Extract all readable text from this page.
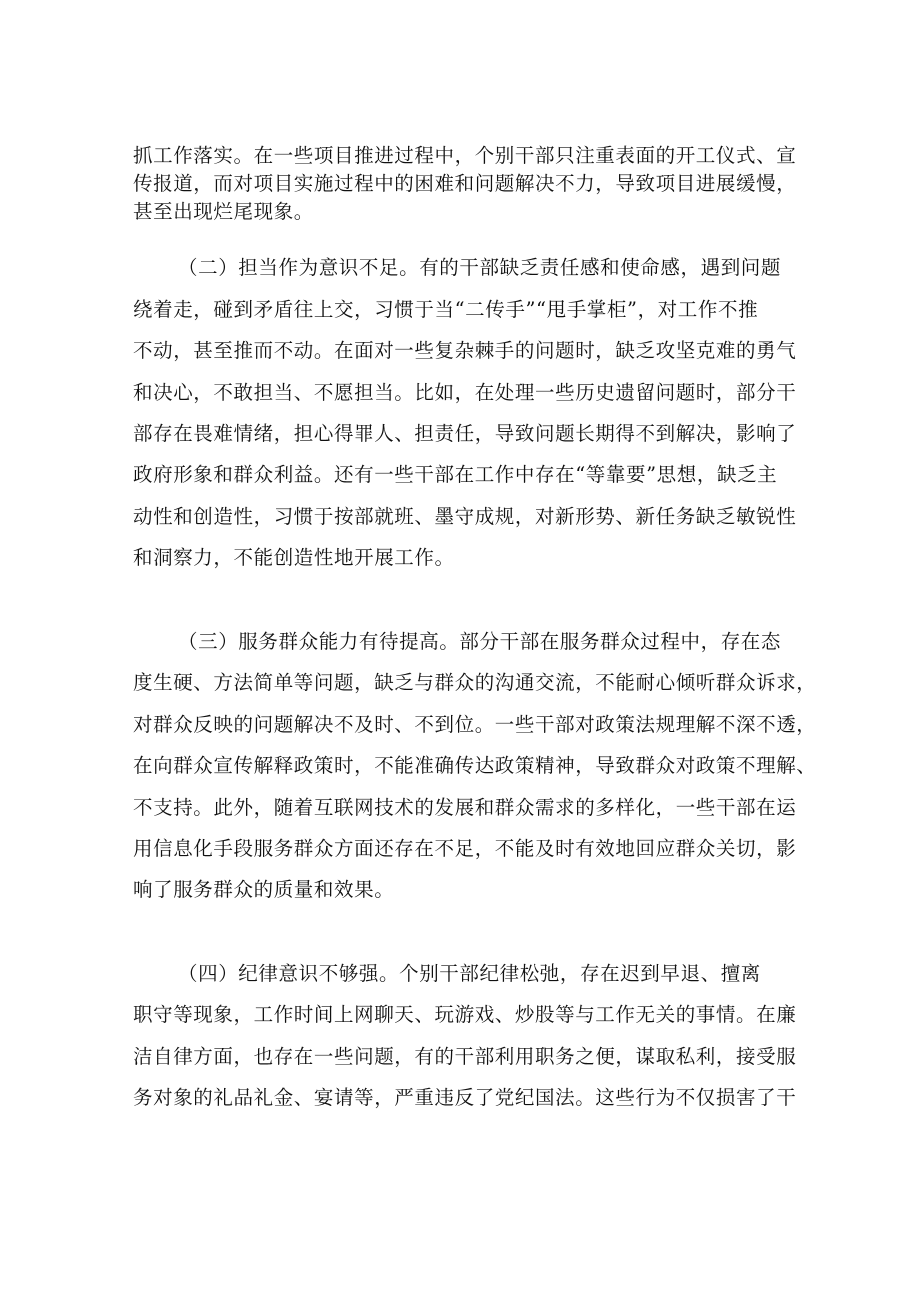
抓工作落实。在一些项目推进过程中，个别干部只注重表面的开工仪式、宣
传报道，而对项目实施过程中的困难和问题解决不力，导致项目进展缓慢，
甚至出现烂尾现象。
（二）担当作为意识不足。有的干部缺乏责任感和使命感，遇到问题
绕着走，碰到矛盾往上交，习惯于当“二传手”“甩手掌柜”，对工作不推
不动，甚至推而不动。在面对一些复杂棘手的问题时，缺乏攻坚克难的勇气
和决心，不敢担当、不愿担当。比如，在处理一些历史遗留问题时，部分干
部存在畏难情绪，担心得罪人、担责任，导致问题长期得不到解决，影响了
政府形象和群众利益。还有一些干部在工作中存在“等靠要”思想，缺乏主
动性和创造性，习惯于按部就班、墨守成规，对新形势、新任务缺乏敏锐性
和洞察力，不能创造性地开展工作。
（三）服务群众能力有待提高。部分干部在服务群众过程中，存在态
度生硬、方法简单等问题，缺乏与群众的沟通交流，不能耐心倾听群众诉求，
对群众反映的问题解决不及时、不到位。一些干部对政策法规理解不深不透，
在向群众宣传解释政策时，不能准确传达政策精神，导致群众对政策不理解、
不支持。此外，随着互联网技术的发展和群众需求的多样化，一些干部在运
用信息化手段服务群众方面还存在不足，不能及时有效地回应群众关切，影
响了服务群众的质量和效果。
（四）纪律意识不够强。个别干部纪律松弛，存在迟到早退、擅离
职守等现象，工作时间上网聊天、玩游戏、炒股等与工作无关的事情。在廉
洁自律方面，也存在一些问题，有的干部利用职务之便，谋取私利，接受服
务对象的礼品礼金、宴请等，严重违反了党纪国法。这些行为不仅损害了干
